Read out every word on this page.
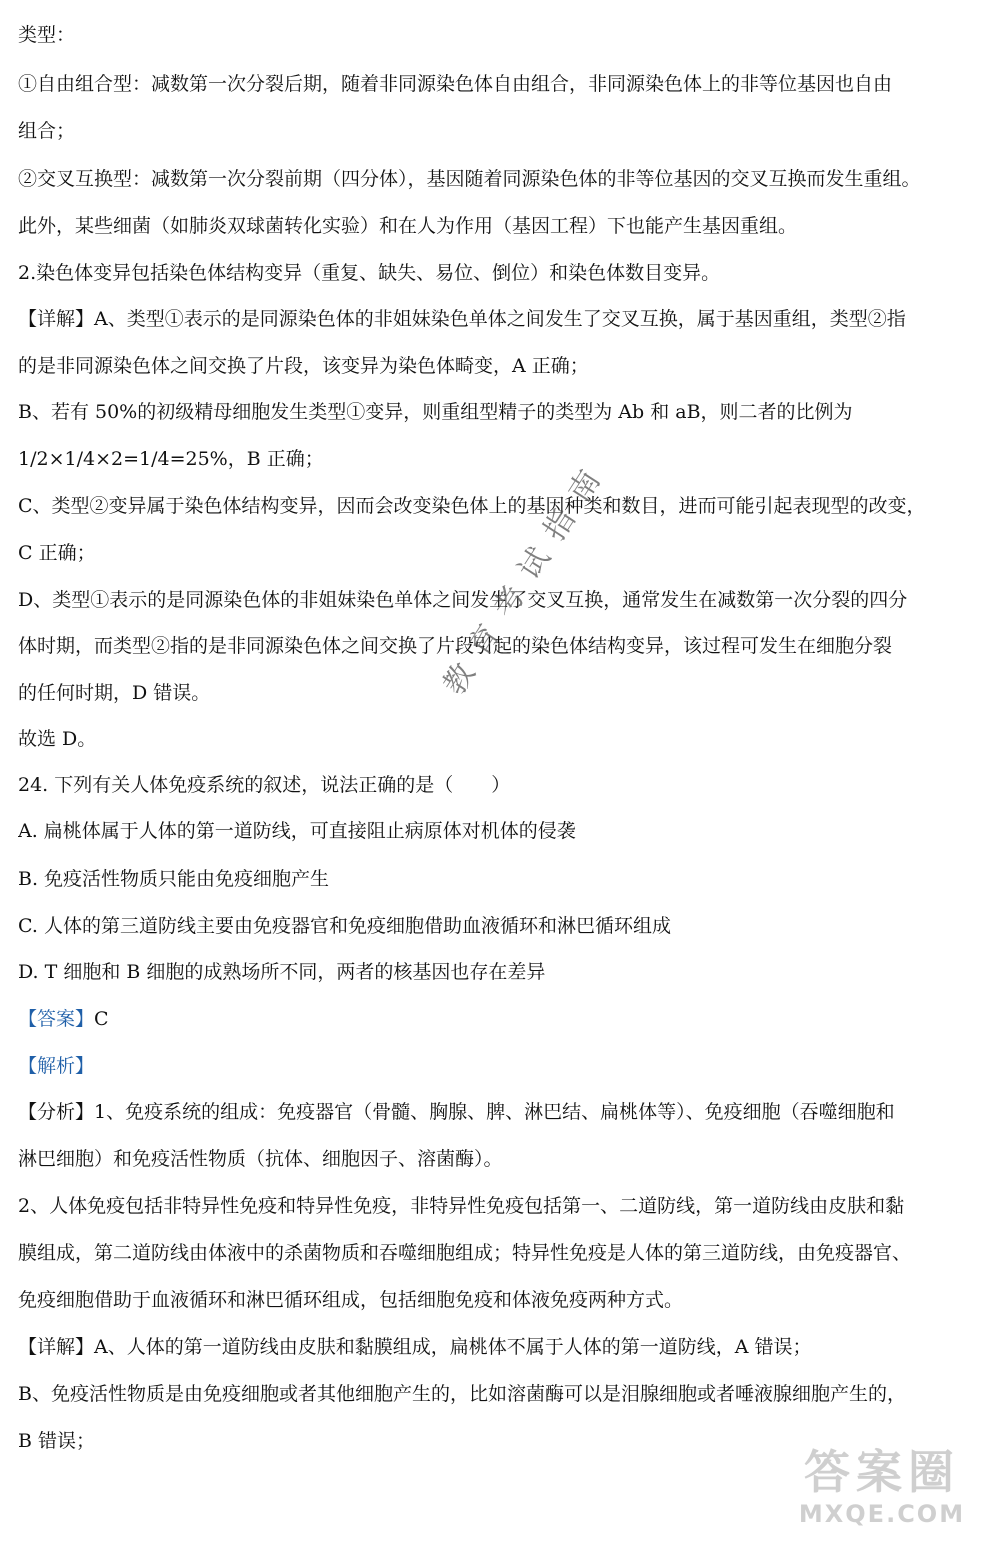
类型：
①自由组合型：减数第一次分裂后期，随着非同源染色体自由组合，非同源染色体上的非等位基因也自由
组合；
②交叉互换型：减数第一次分裂前期（四分体），基因随着同源染色体的非等位基因的交叉互换而发生重组。
此外，某些细菌（如肺炎双球菌转化实验）和在人为作用（基因工程）下也能产生基因重组。
2.染色体变异包括染色体结构变异（重复、缺失、易位、倒位）和染色体数目变异。
【详解】A、类型①表示的是同源染色体的非姐妹染色单体之间发生了交叉互换，属于基因重组，类型②指
的是非同源染色体之间交换了片段，该变异为染色体畸变，A 正确；
B、若有 50%的初级精母细胞发生类型①变异，则重组型精子的类型为 Ab 和 aB，则二者的比例为
1/2×1/4×2=1/4=25%，B 正确；
C、类型②变异属于染色体结构变异，因而会改变染色体上的基因种类和数目，进而可能引起表现型的改变，
C 正确；
D、类型①表示的是同源染色体的非姐妹染色单体之间发生了交叉互换，通常发生在减数第一次分裂的四分
体时期，而类型②指的是非同源染色体之间交换了片段引起的染色体结构变异，该过程可发生在细胞分裂
的任何时期，D 错误。
故选 D。
24. 下列有关人体免疫系统的叙述，说法正确的是（　　）
A. 扁桃体属于人体的第一道防线，可直接阻止病原体对机体的侵袭
B. 免疫活性物质只能由免疫细胞产生
C. 人体的第三道防线主要由免疫器官和免疫细胞借助血液循环和淋巴循环组成
D. T 细胞和 B 细胞的成熟场所不同，两者的核基因也存在差异
【答案】C
【解析】
【分析】1、免疫系统的组成：免疫器官（骨髓、胸腺、脾、淋巴结、扁桃体等）、免疫细胞（吞噬细胞和
淋巴细胞）和免疫活性物质（抗体、细胞因子、溶菌酶）。
2、人体免疫包括非特异性免疫和特异性免疫，非特异性免疫包括第一、二道防线，第一道防线由皮肤和黏
膜组成，第二道防线由体液中的杀菌物质和吞噬细胞组成；特异性免疫是人体的第三道防线，由免疫器官、
免疫细胞借助于血液循环和淋巴循环组成，包括细胞免疫和体液免疫两种方式。
【详解】A、人体的第一道防线由皮肤和黏膜组成，扁桃体不属于人体的第一道防线，A 错误；
B、免疫活性物质是由免疫细胞或者其他细胞产生的，比如溶菌酶可以是泪腺细胞或者唾液腺细胞产生的，
B 错误；
教育考试指南
答案圈
MXQE.COM
